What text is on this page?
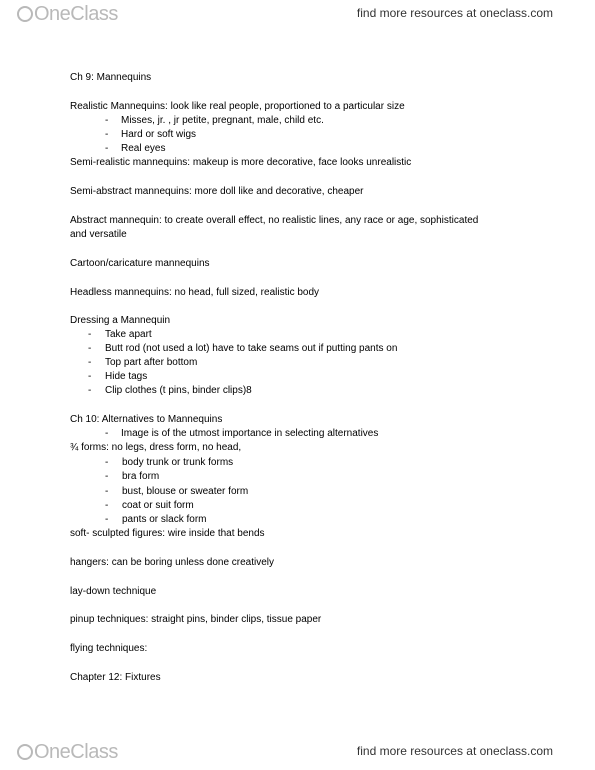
OneClass	find more resources at oneclass.com
Ch 9: Mannequins
Realistic Mannequins: look like real people, proportioned to a particular size
- Misses, jr. , jr petite, pregnant, male, child etc.
- Hard or soft wigs
- Real eyes
Semi-realistic mannequins: makeup is more decorative, face looks unrealistic
Semi-abstract mannequins: more doll like and decorative, cheaper
Abstract mannequin: to create overall effect, no realistic lines, any race or age, sophisticated
and versatile
Cartoon/caricature mannequins
Headless mannequins: no head, full sized, realistic body
Dressing a Mannequin
- Take apart
- Butt rod (not used a lot) have to take seams out if putting pants on
- Top part after bottom
- Hide tags
- Clip clothes (t pins, binder clips)8
Ch 10: Alternatives to Mannequins
- Image is of the utmost importance in selecting alternatives
¾ forms: no legs, dress form, no head,
- body trunk or trunk forms
- bra form
- bust, blouse or sweater form
- coat or suit form
- pants or slack form
soft- sculpted figures: wire inside that bends
hangers: can be boring unless done creatively
lay-down technique
pinup techniques: straight pins, binder clips, tissue paper
flying techniques:
Chapter 12: Fixtures
OneClass	find more resources at oneclass.com
